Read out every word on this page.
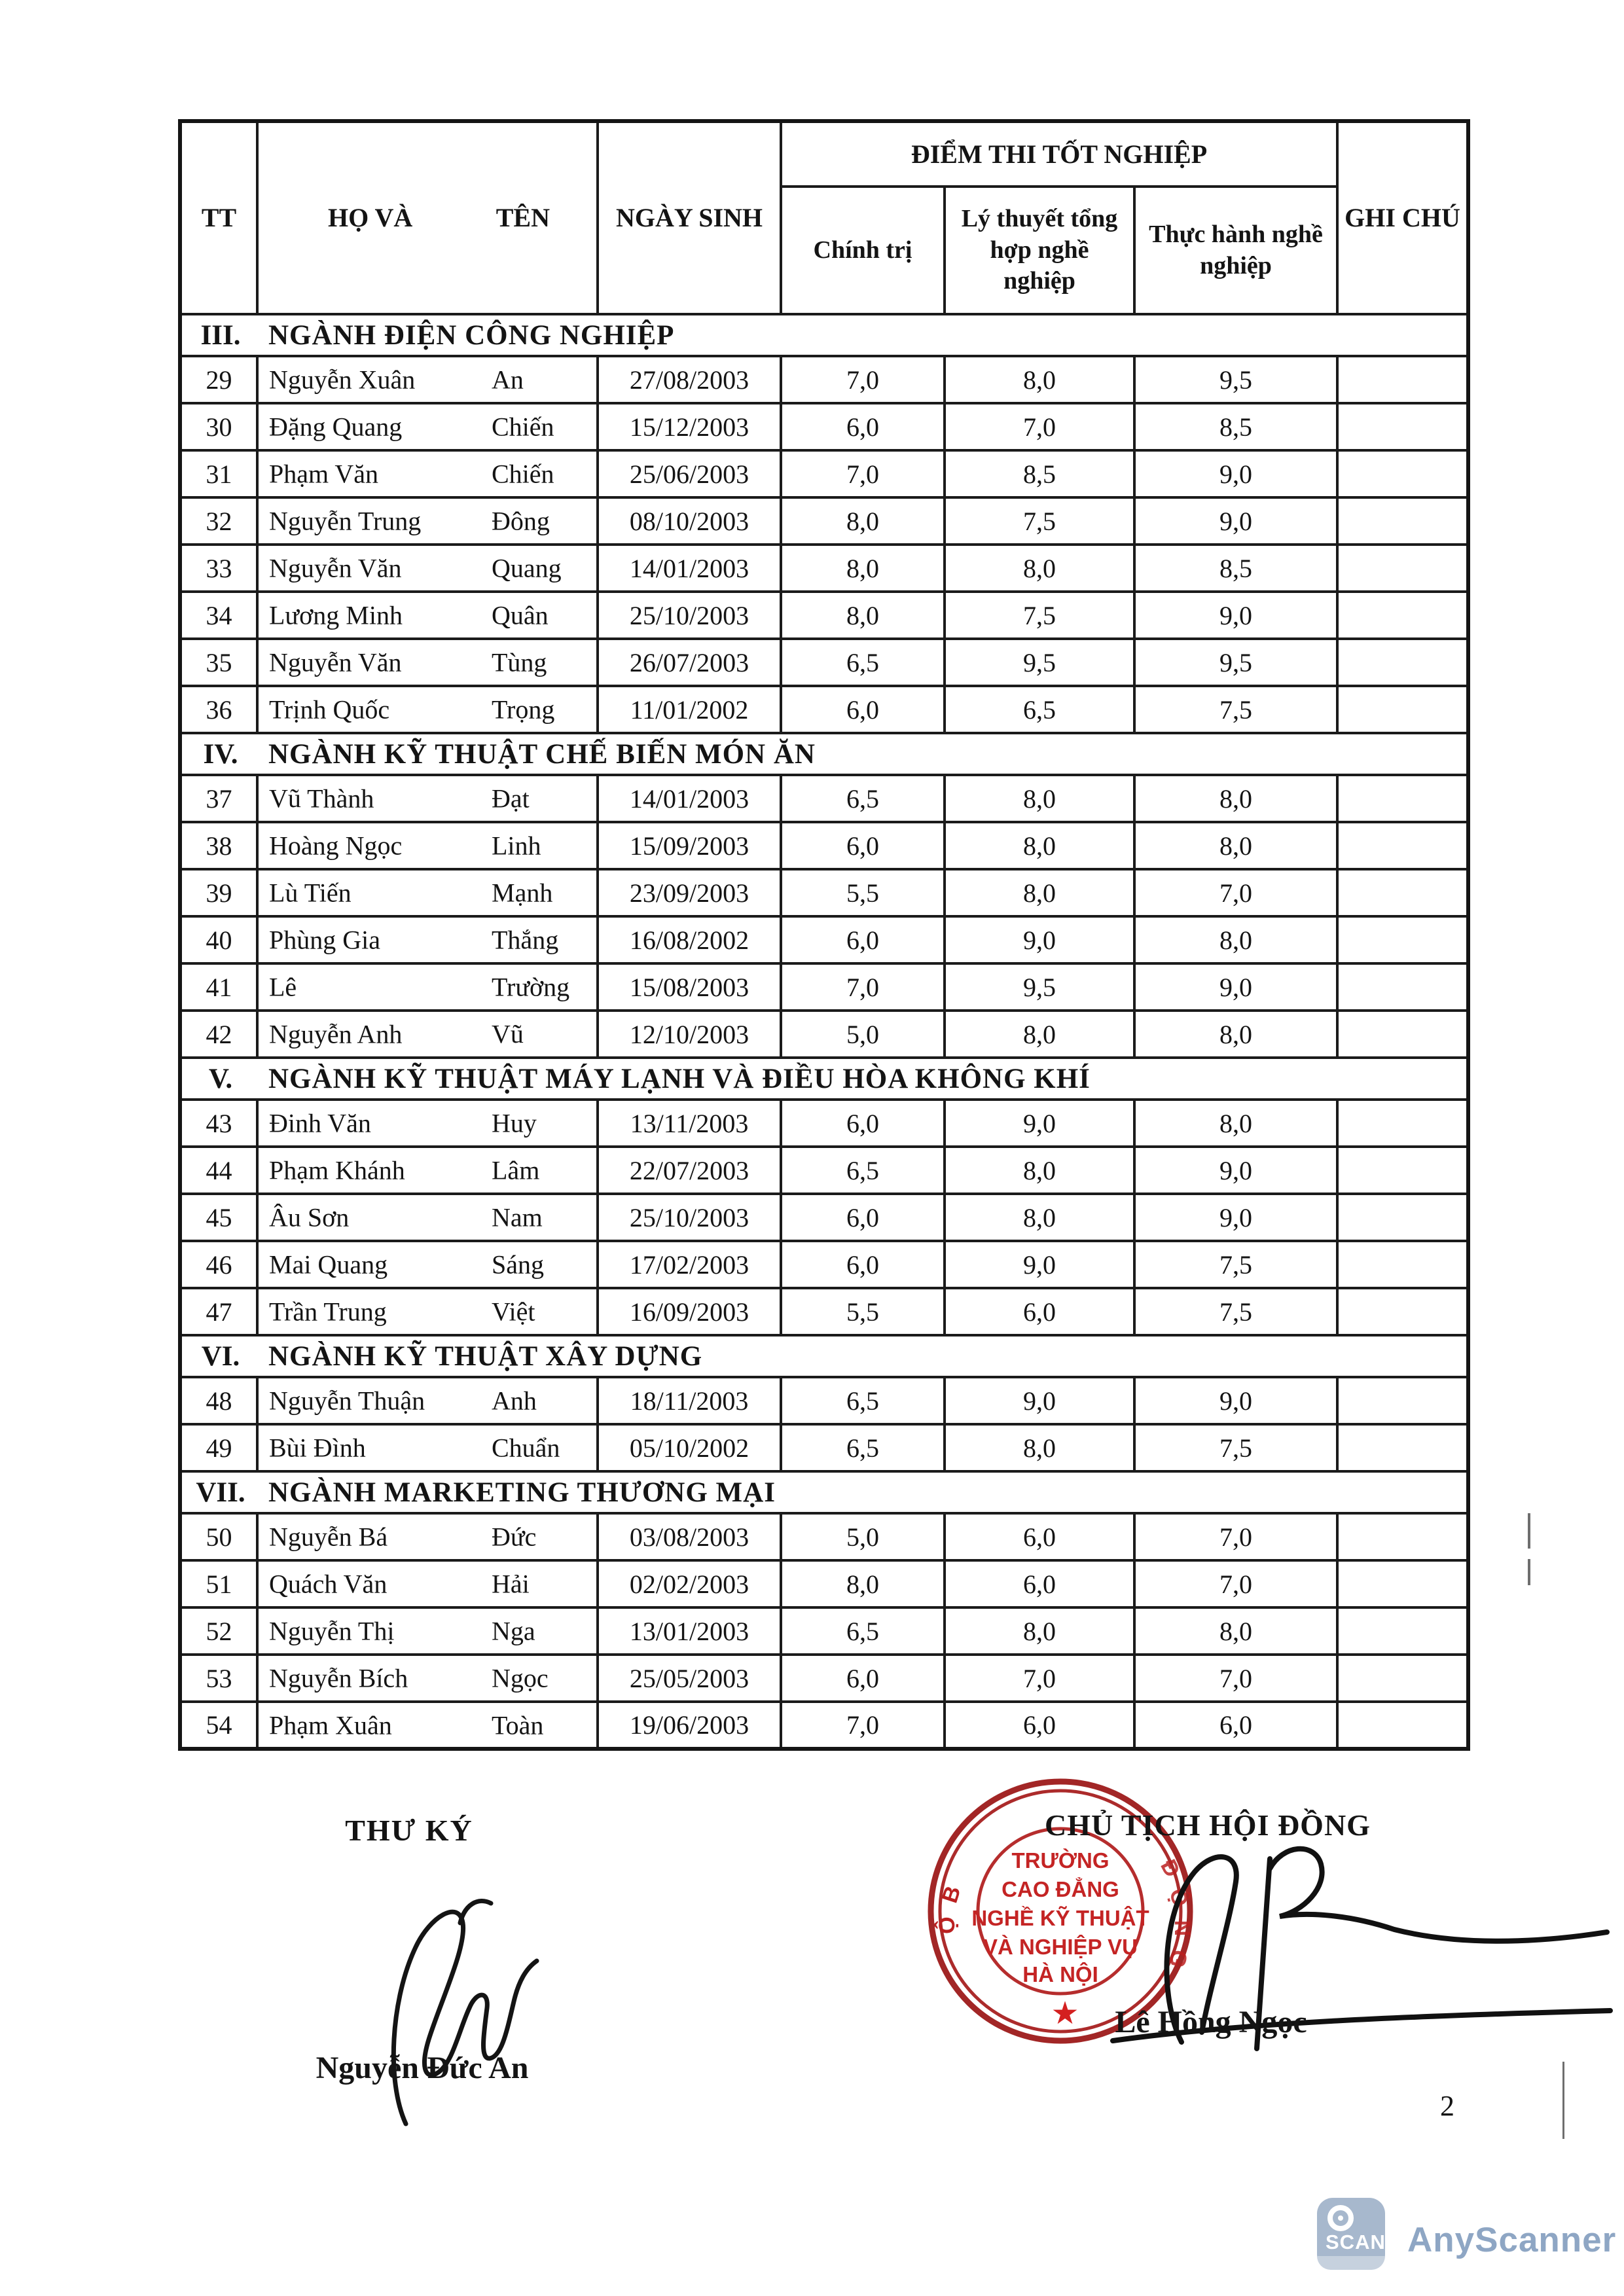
TT	HỌ VÀ TÊN	NGÀY SINH	ĐIỂM THI TỐT NGHIỆP			GHI CHÚ
			Chính trị	Lý thuyết tổng hợp nghề nghiệp	Thực hành nghề nghiệp	
III. NGÀNH ĐIỆN CÔNG NGHIỆP						
29	Nguyễn Xuân An	27/08/2003	7,0	8,0	9,5	
30	Đặng Quang Chiến	15/12/2003	6,0	7,0	8,5	
31	Phạm Văn Chiến	25/06/2003	7,0	8,5	9,0	
32	Nguyễn Trung Đông	08/10/2003	8,0	7,5	9,0	
33	Nguyễn Văn Quang	14/01/2003	8,0	8,0	8,5	
34	Lương Minh Quân	25/10/2003	8,0	7,5	9,0	
35	Nguyễn Văn Tùng	26/07/2003	6,5	9,5	9,5	
36	Trịnh Quốc Trọng	11/01/2002	6,0	6,5	7,5	
IV. NGÀNH KỸ THUẬT CHẾ BIẾN MÓN ĂN						
37	Vũ Thành Đạt	14/01/2003	6,5	8,0	8,0	
38	Hoàng Ngọc Linh	15/09/2003	6,0	8,0	8,0	
39	Lù Tiến Mạnh	23/09/2003	5,5	8,0	7,0	
40	Phùng Gia Thắng	16/08/2002	6,0	9,0	8,0	
41	Lê Trường	15/08/2003	7,0	9,5	9,0	
42	Nguyễn Anh Vũ	12/10/2003	5,0	8,0	8,0	
V. NGÀNH KỸ THUẬT MÁY LẠNH VÀ ĐIỀU HÒA KHÔNG KHÍ						
43	Đinh Văn Huy	13/11/2003	6,0	9,0	8,0	
44	Phạm Khánh Lâm	22/07/2003	6,5	8,0	9,0	
45	Âu Sơn Nam	25/10/2003	6,0	8,0	9,0	
46	Mai Quang Sáng	17/02/2003	6,0	9,0	7,5	
47	Trần Trung Việt	16/09/2003	5,5	6,0	7,5	
VI. NGÀNH KỸ THUẬT XÂY DỰNG						
48	Nguyễn Thuận Anh	18/11/2003	6,5	9,0	9,0	
49	Bùi Đình Chuẩn	05/10/2002	6,5	8,0	7,5	
VII. NGÀNH MARKETING THƯƠNG MẠI						
50	Nguyễn Bá Đức	03/08/2003	5,0	6,0	7,0	
51	Quách Văn Hải	02/02/2003	8,0	6,0	7,0	
52	Nguyễn Thị Nga	13/01/2003	6,5	8,0	8,0	
53	Nguyễn Bích Ngọc	25/05/2003	6,0	7,0	7,0	
54	Phạm Xuân Toàn	19/06/2003	7,0	6,0	6,0	
THƯ KÝ
Nguyễn Đức An
TRƯỜNG
CAO ĐẲNG
NGHỀ KỸ THUẬT
VÀ NGHIỆP VỤ
HÀ NỘI
B
Ộ
Đ
Ộ
N
G
★
CHỦ TỊCH HỘI ĐỒNG
Lê Hồng Ngọc
2
SCAN AnyScanner
